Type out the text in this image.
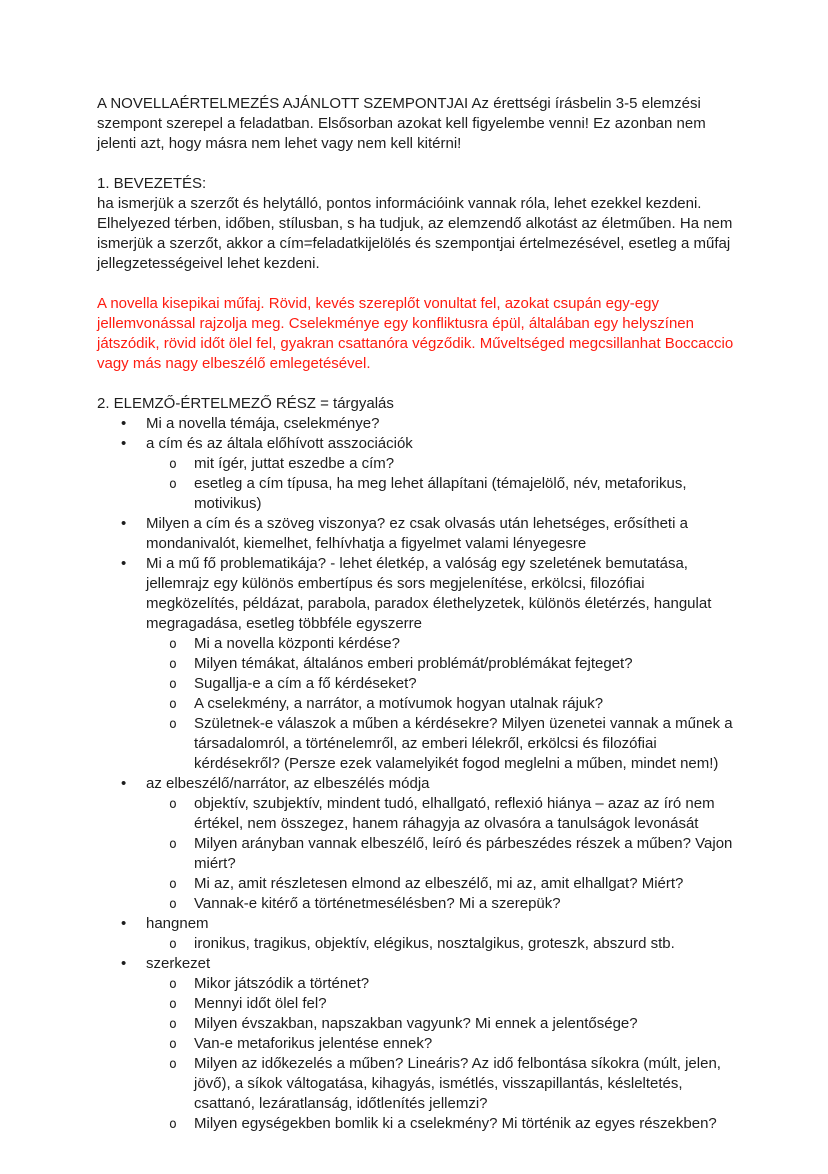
A NOVELLAÉRTELMEZÉS AJÁNLOTT SZEMPONTJAI Az érettségi írásbelin 3-5 elemzési szempont szerepel a feladatban. Elsősorban azokat kell figyelembe venni! Ez azonban nem jelenti azt, hogy másra nem lehet vagy nem kell kitérni!

1. BEVEZETÉS:

ha ismerjük a szerzőt és helytálló, pontos információink vannak róla, lehet ezekkel kezdeni. Elhelyezed térben, időben, stílusban, s ha tudjuk, az elemzendő alkotást az életműben. Ha nem ismerjük a szerzőt, akkor a cím=feladatkijelölés és szempontjai értelmezésével, esetleg a műfaj jellegzetességeivel lehet kezdeni.

A novella kisepikai műfaj. Rövid, kevés szereplőt vonultat fel, azokat csupán egy-egy jellemvonással rajzolja meg. Cselekménye egy konfliktusra épül, általában egy helyszínen játszódik, rövid időt ölel fel, gyakran csattanóra végződik. Műveltséged megcsillanhat Boccaccio vagy más nagy elbeszélő emlegetésével.

2. ELEMZŐ-ÉRTELMEZŐ RÉSZ = tárgyalás

• Mi a novella témája, cselekménye?
• a cím és az általa előhívott asszociációk
o mit ígér, juttat eszedbe a cím?
o esetleg a cím típusa, ha meg lehet állapítani (témajelölő, név, metaforikus, motivikus)
• Milyen a cím és a szöveg viszonya? ez csak olvasás után lehetséges, erősítheti a mondanivalót, kiemelhet, felhívhatja a figyelmet valami lényegesre
• Mi a mű fő problematikája? - lehet életkép, a valóság egy szeletének bemutatása, jellemrajz egy különös embertípus és sors megjelenítése, erkölcsi, filozófiai megközelítés, példázat, parabola, paradox élethelyzetek, különös életérzés, hangulat megragadása, esetleg többféle egyszerre
o Mi a novella központi kérdése?
o Milyen témákat, általános emberi problémát/problémákat fejteget?
o Sugallja-e a cím a fő kérdéseket?
o A cselekmény, a narrátor, a motívumok hogyan utalnak rájuk?
o Születnek-e válaszok a műben a kérdésekre? Milyen üzenetei vannak a műnek a társadalomról, a történelemről, az emberi lélekről, erkölcsi és filozófiai kérdésekről? (Persze ezek valamelyikét fogod meglelni a műben, mindet nem!)
• az elbeszélő/narrátor, az elbeszélés módja
o objektív, szubjektív, mindent tudó, elhallgató, reflexió hiánya – azaz az író nem értékel, nem összegez, hanem ráhagyja az olvasóra a tanulságok levonását
o Milyen arányban vannak elbeszélő, leíró és párbeszédes részek a műben? Vajon miért?
o Mi az, amit részletesen elmond az elbeszélő, mi az, amit elhallgat? Miért?
o Vannak-e kitérő a történetmesélésben? Mi a szerepük?
• hangnem
o ironikus, tragikus, objektív, elégikus, nosztalgikus, groteszk, abszurd stb.
• szerkezet
o Mikor játszódik a történet?
o Mennyi időt ölel fel?
o Milyen évszakban, napszakban vagyunk? Mi ennek a jelentősége?
o Van-e metaforikus jelentése ennek?
o Milyen az időkezelés a műben? Lineáris? Az idő felbontása síkokra (múlt, jelen, jövő), a síkok váltogatása, kihagyás, ismétlés, visszapillantás, késleltetés, csattanó, lezáratlanság, időtlenítés jellemzi?
o Milyen egységekben bomlik ki a cselekmény? Mi történik az egyes részekben?
